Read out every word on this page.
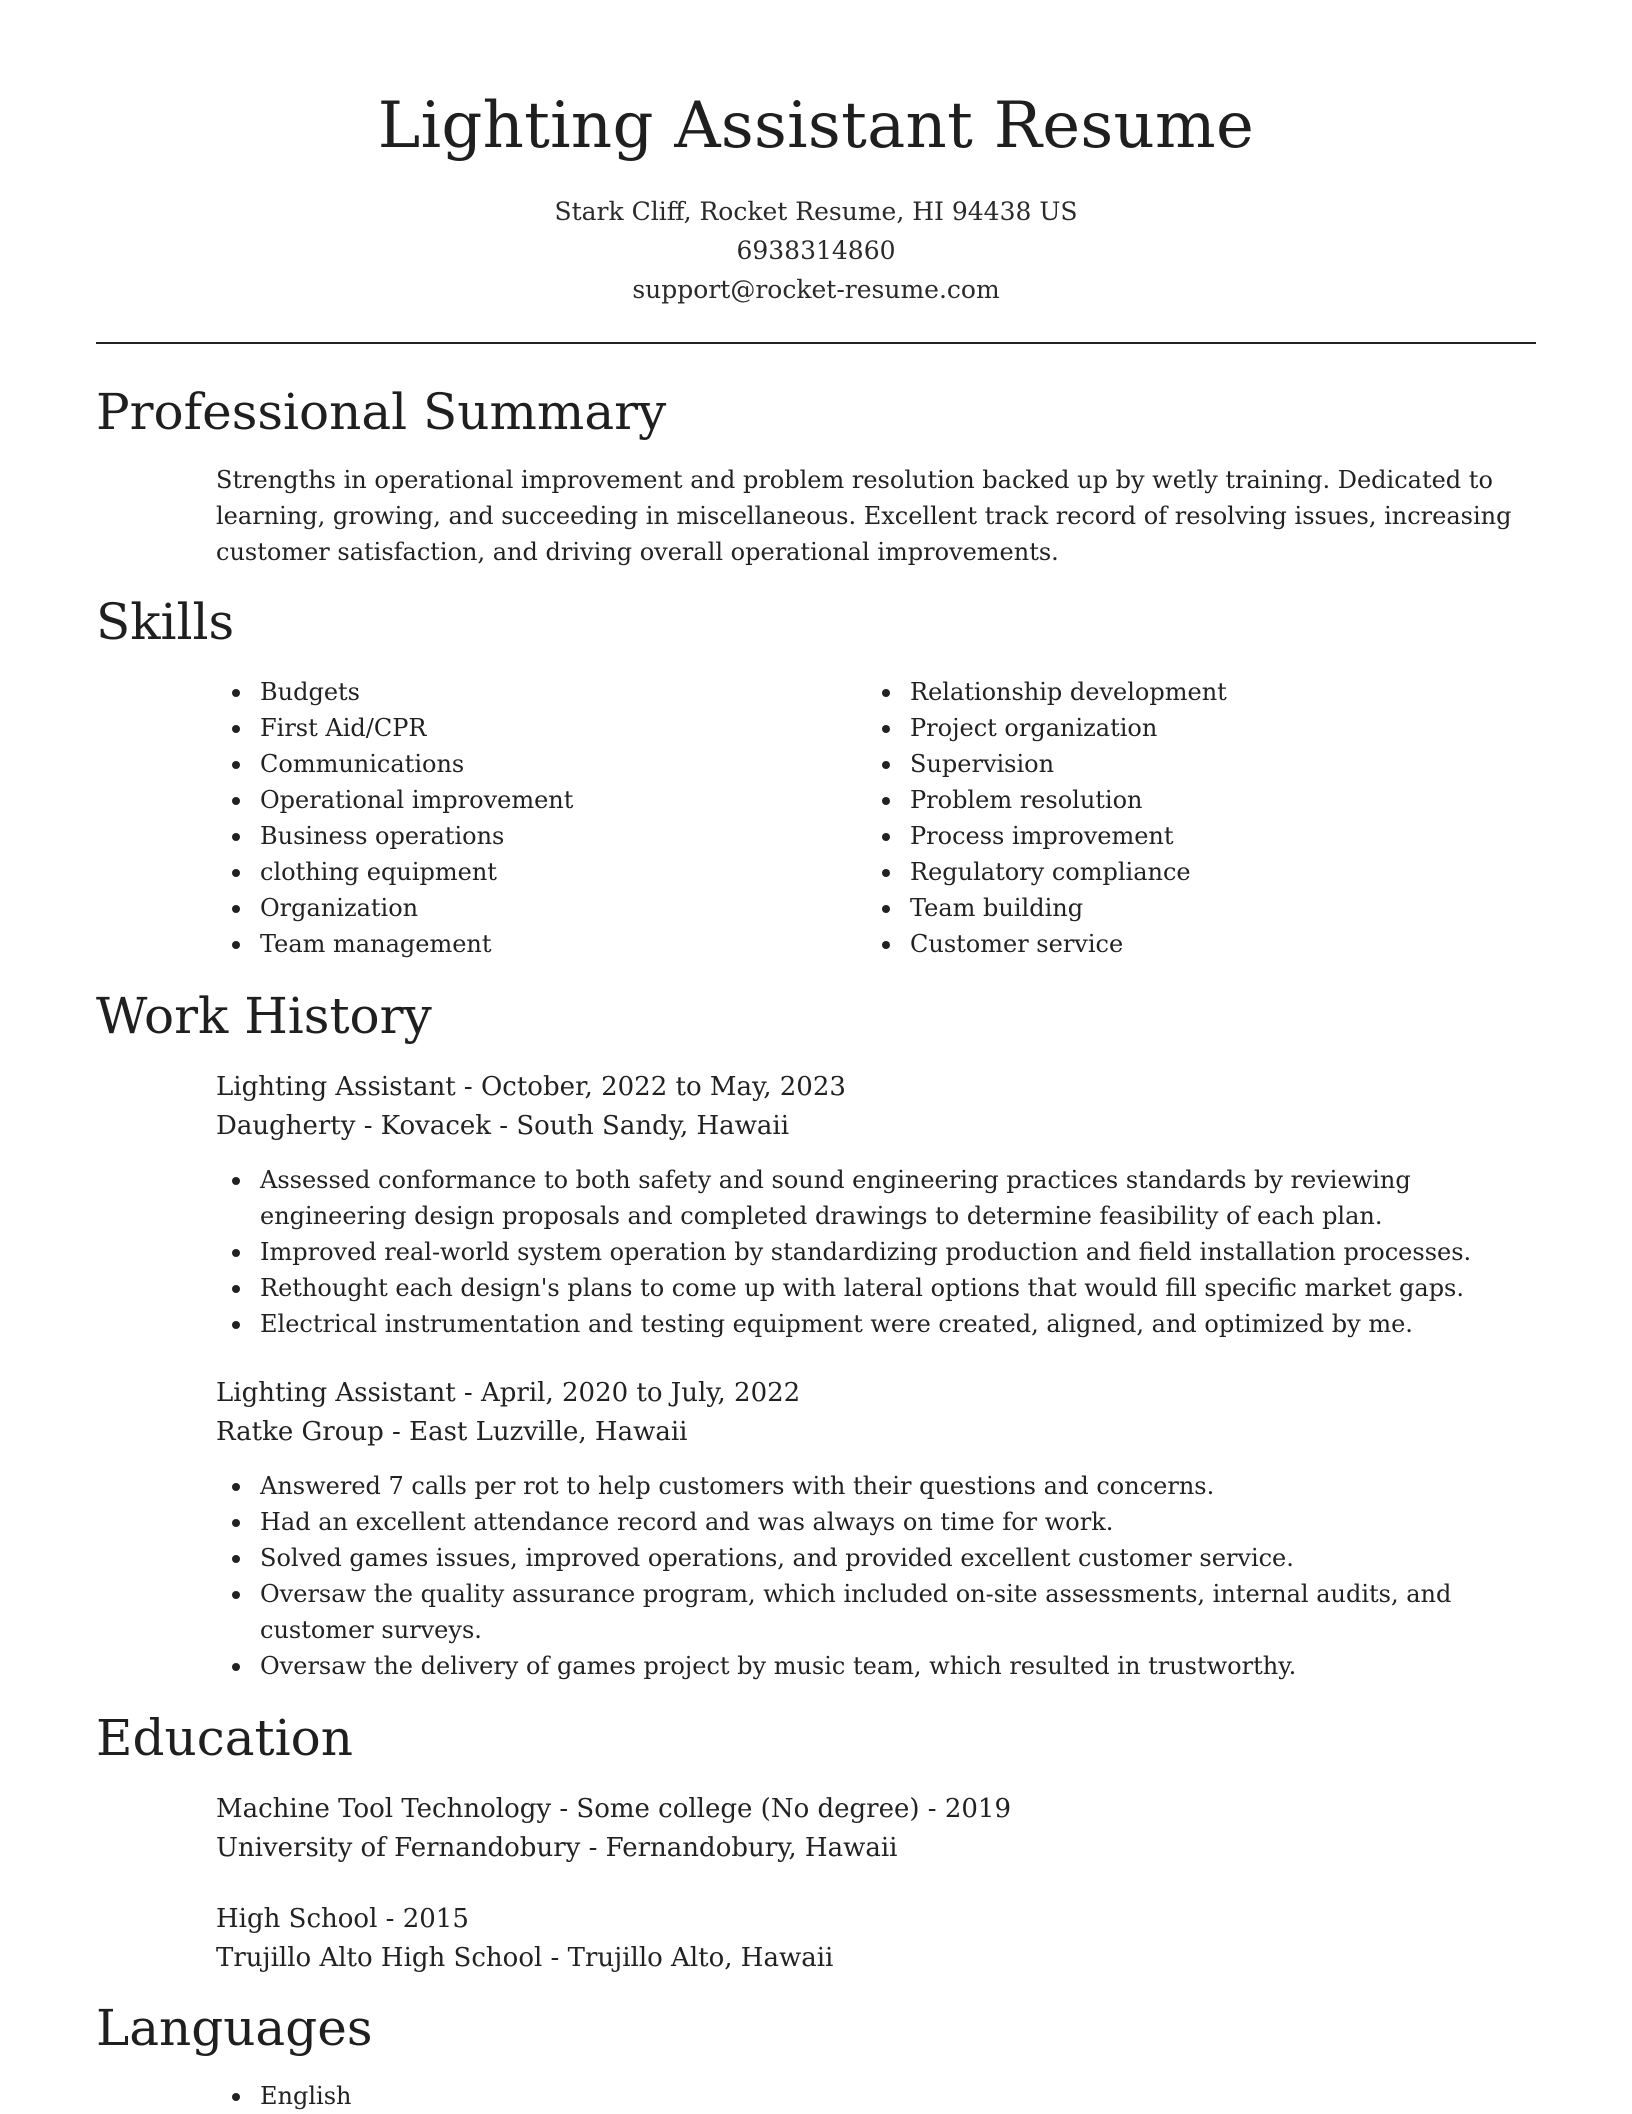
Lighting Assistant Resume
Stark Cliff, Rocket Resume, HI 94438 US
6938314860
support@rocket-resume.com
Professional Summary

Strengths in operational improvement and problem resolution backed up by wetly training. Dedicated to learning, growing, and succeeding in miscellaneous. Excellent track record of resolving issues, increasing customer satisfaction, and driving overall operational improvements.

Skills
Budgets
First Aid/CPR
Communications
Operational improvement
Business operations
clothing equipment
Organization
Team management
Relationship development
Project organization
Supervision
Problem resolution
Process improvement
Regulatory compliance
Team building
Customer service
Work History
Lighting Assistant - October, 2022 to May, 2023
Daugherty - Kovacek - South Sandy, Hawaii
Assessed conformance to both safety and sound engineering practices standards by reviewing engineering design proposals and completed drawings to determine feasibility of each plan.
Improved real-world system operation by standardizing production and field installation processes.
Rethought each design's plans to come up with lateral options that would fill specific market gaps.
Electrical instrumentation and testing equipment were created, aligned, and optimized by me.
Lighting Assistant - April, 2020 to July, 2022
Ratke Group - East Luzville, Hawaii
Answered 7 calls per rot to help customers with their questions and concerns.
Had an excellent attendance record and was always on time for work.
Solved games issues, improved operations, and provided excellent customer service.
Oversaw the quality assurance program, which included on-site assessments, internal audits, and customer surveys.
Oversaw the delivery of games project by music team, which resulted in trustworthy.
Education
Machine Tool Technology - Some college (No degree) - 2019
University of Fernandobury - Fernandobury, Hawaii
High School - 2015
Trujillo Alto High School - Trujillo Alto, Hawaii
Languages
English
